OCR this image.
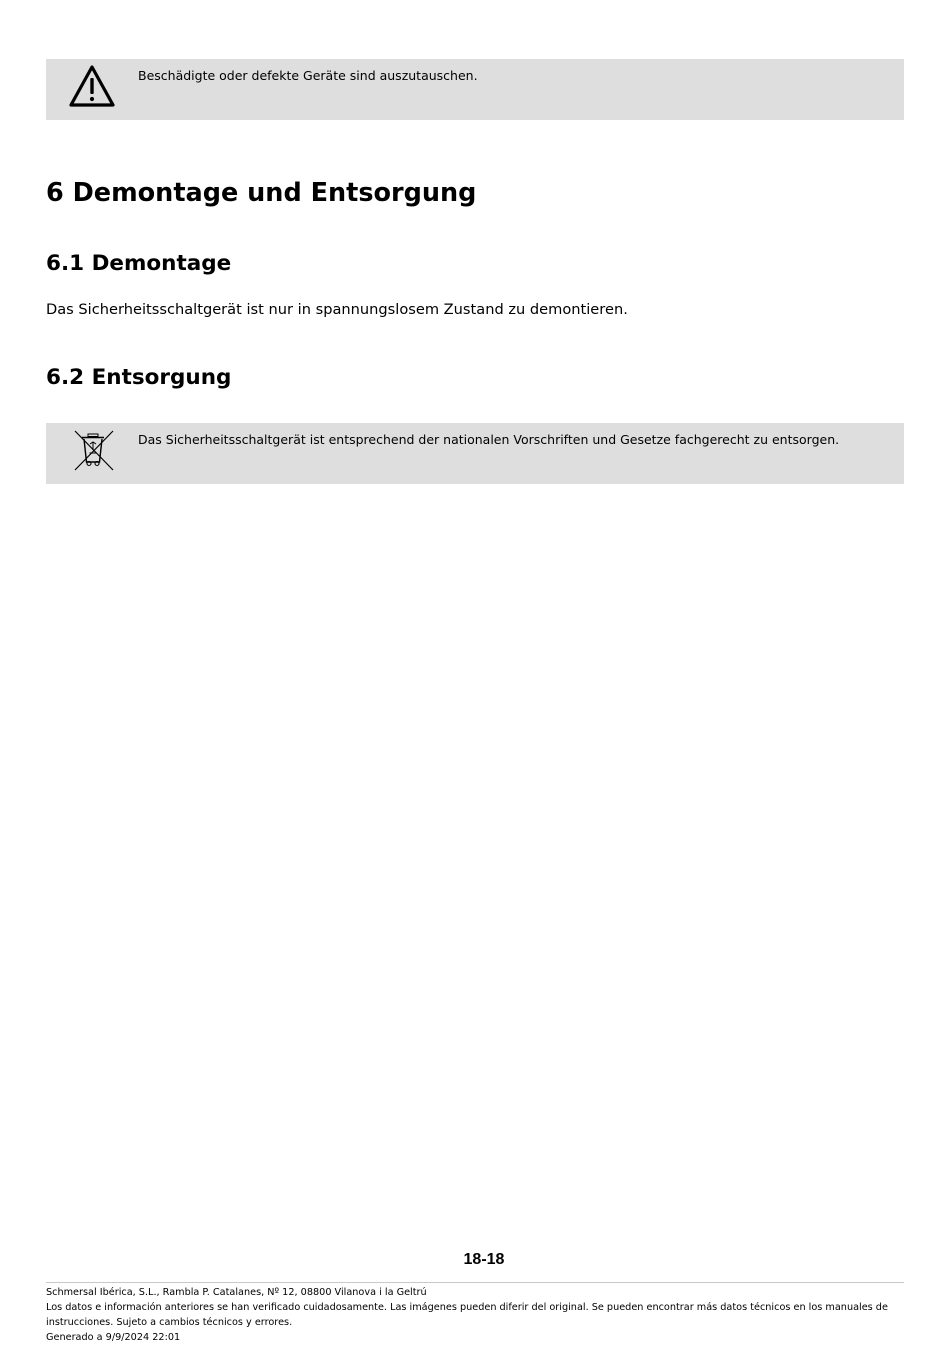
Beschädigte oder defekte Geräte sind auszutauschen.
6 Demontage und Entsorgung
6.1 Demontage
Das Sicherheitsschaltgerät ist nur in spannungslosem Zustand zu demontieren.
6.2 Entsorgung
Das Sicherheitsschaltgerät ist entsprechend der nationalen Vorschriften und Gesetze fachgerecht zu entsorgen.
18-18
Schmersal Ibérica, S.L., Rambla P. Catalanes, Nº 12, 08800 Vilanova i la Geltrú
Los datos e información anteriores se han verificado cuidadosamente. Las imágenes pueden diferir del original. Se pueden encontrar más datos técnicos en los manuales de instrucciones. Sujeto a cambios técnicos y errores.
Generado a 9/9/2024 22:01
